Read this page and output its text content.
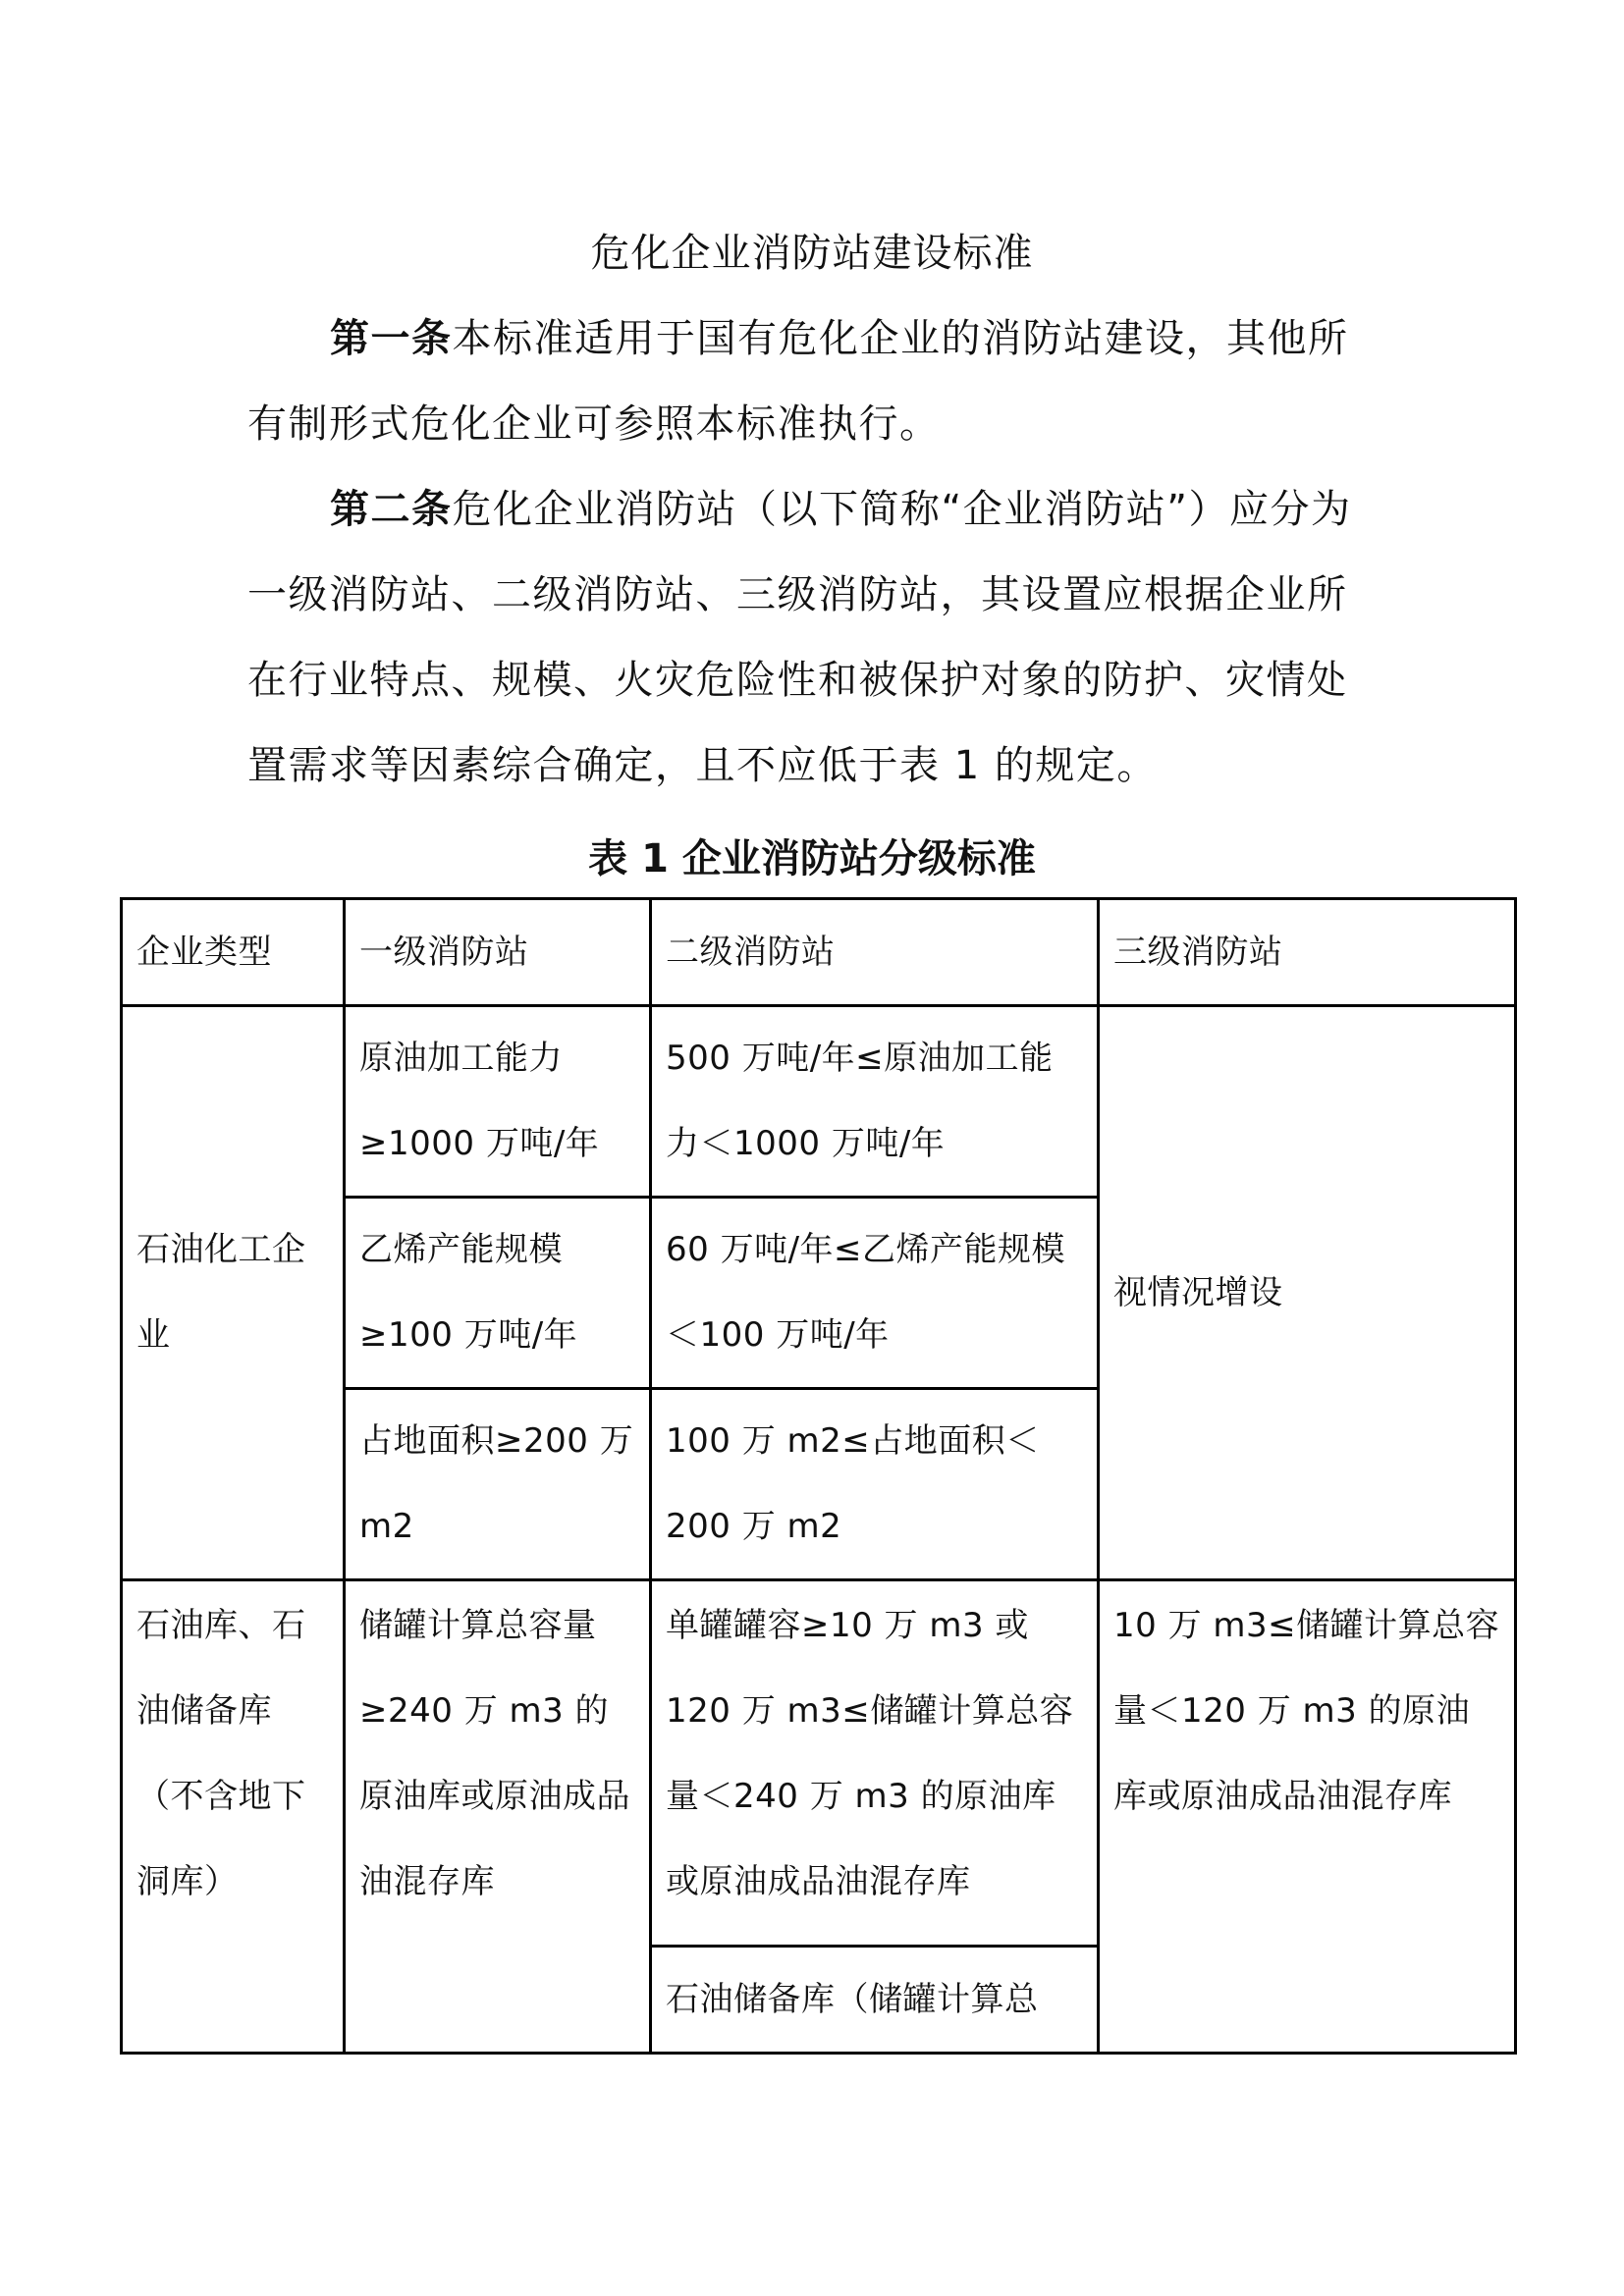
危化企业消防站建设标准
第一条本标准适用于国有危化企业的消防站建设，其他所有制形式危化企业可参照本标准执行。
第二条危化企业消防站（以下简称“企业消防站”）应分为一级消防站、二级消防站、三级消防站，其设置应根据企业所在行业特点、规模、火灾危险性和被保护对象的防护、灾情处置需求等因素综合确定，且不应低于表 1 的规定。
表 1 企业消防站分级标准
企业类型	一级消防站	二级消防站	三级消防站
石油化工企业	原油加工能力≥1000 万吨/年	500 万吨/年≤原油加工能力＜1000 万吨/年	视情况增设
	乙烯产能规模≥100 万吨/年	60 万吨/年≤乙烯产能规模＜100 万吨/年	
	占地面积≥200 万 m2	100 万 m2≤占地面积＜200 万 m2	
石油库、石油储备库（不含地下洞库）	储罐计算总容量≥240 万 m3 的原油库或原油成品油混存库	单罐罐容≥10 万 m3 或 120 万 m3≤储罐计算总容量＜240 万 m3 的原油库或原油成品油混存库	10 万 m3≤储罐计算总容量＜120 万 m3 的原油库或原油成品油混存库
		石油储备库（储罐计算总	
